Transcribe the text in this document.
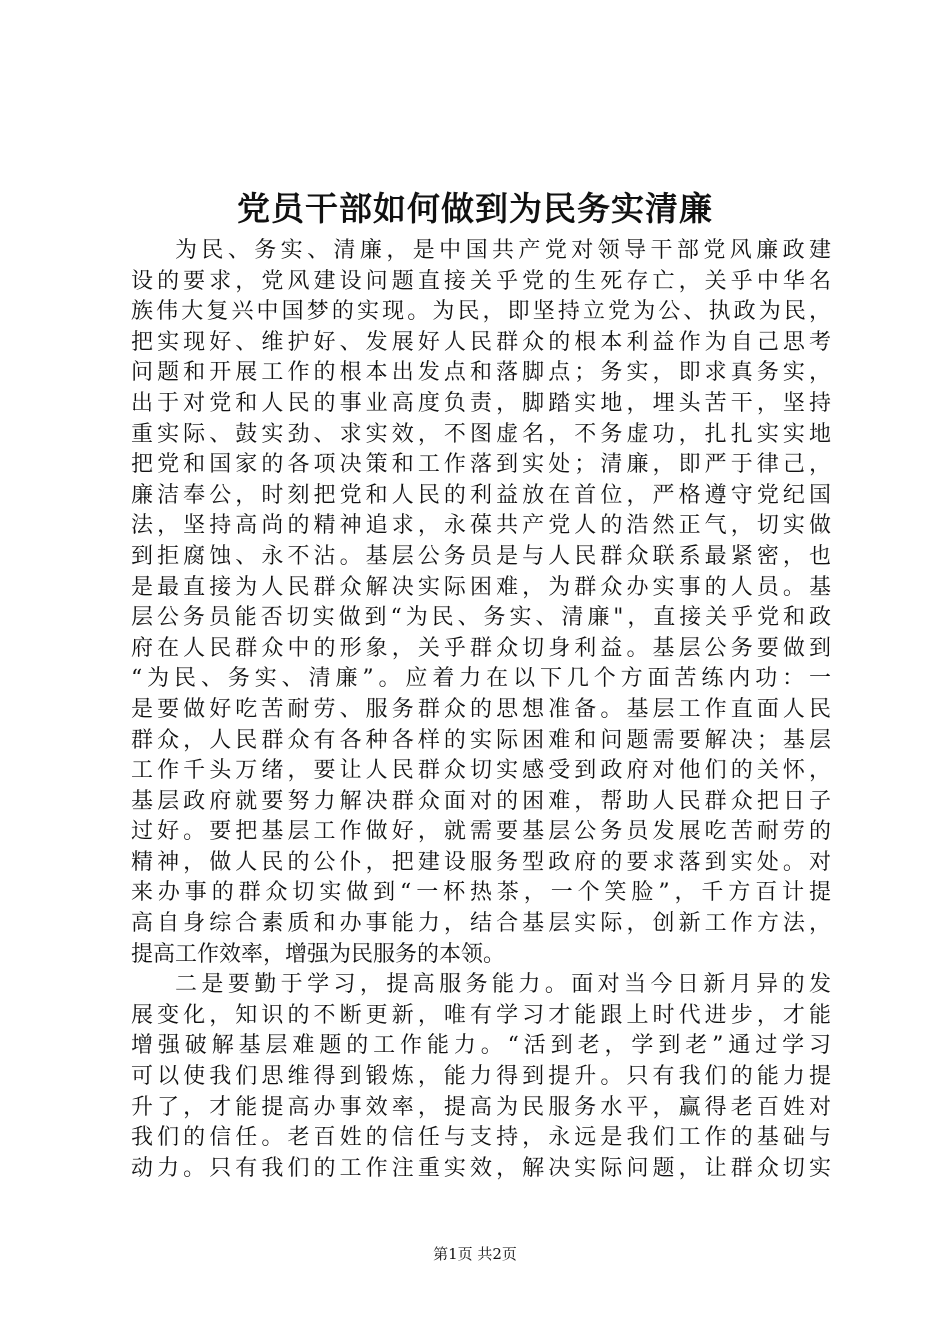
党员干部如何做到为民务实清廉
为民、务实、清廉，是中国共产党对领导干部党风廉政建
设的要求，党风建设问题直接关乎党的生死存亡，关乎中华名
族伟大复兴中国梦的实现。为民，即坚持立党为公、执政为民，
把实现好、维护好、发展好人民群众的根本利益作为自己思考
问题和开展工作的根本出发点和落脚点；务实，即求真务实，
出于对党和人民的事业高度负责，脚踏实地，埋头苦干，坚持
重实际、鼓实劲、求实效，不图虚名，不务虚功，扎扎实实地
把党和国家的各项决策和工作落到实处；清廉，即严于律己，
廉洁奉公，时刻把党和人民的利益放在首位，严格遵守党纪国
法，坚持高尚的精神追求，永葆共产党人的浩然正气，切实做
到拒腐蚀、永不沾。基层公务员是与人民群众联系最紧密，也
是最直接为人民群众解决实际困难，为群众办实事的人员。基
层公务员能否切实做到“为民、务实、清廉"，直接关乎党和政
府在人民群众中的形象，关乎群众切身利益。基层公务要做到
“为民、务实、清廉”。应着力在以下几个方面苦练内功：一
是要做好吃苦耐劳、服务群众的思想准备。基层工作直面人民
群众，人民群众有各种各样的实际困难和问题需要解决；基层
工作千头万绪，要让人民群众切实感受到政府对他们的关怀，
基层政府就要努力解决群众面对的困难，帮助人民群众把日子
过好。要把基层工作做好，就需要基层公务员发展吃苦耐劳的
精神，做人民的公仆，把建设服务型政府的要求落到实处。对
来办事的群众切实做到“一杯热茶，一个笑脸”，千方百计提
高自身综合素质和办事能力，结合基层实际，创新工作方法，
提高工作效率，增强为民服务的本领。
二是要勤于学习，提高服务能力。面对当今日新月异的发
展变化，知识的不断更新，唯有学习才能跟上时代进步，才能
增强破解基层难题的工作能力。“活到老，学到老”通过学习
可以使我们思维得到锻炼，能力得到提升。只有我们的能力提
升了，才能提高办事效率，提高为民服务水平，赢得老百姓对
我们的信任。老百姓的信任与支持，永远是我们工作的基础与
动力。只有我们的工作注重实效，解决实际问题，让群众切实
第1页 共2页
